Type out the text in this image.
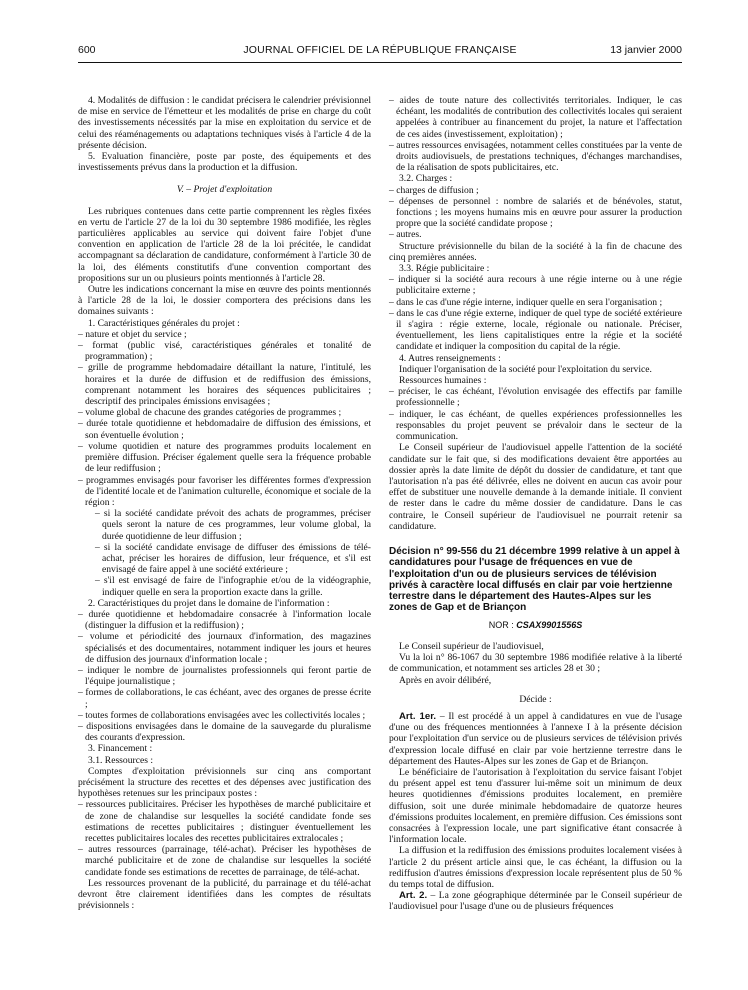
600	JOURNAL OFFICIEL DE LA RÉPUBLIQUE FRANÇAISE	13 janvier 2000

4. Modalités de diffusion : le candidat précisera le calendrier prévisionnel de mise en service de l'émetteur et les modalités de prise en charge du coût des investissements nécessités par la mise en exploitation du service et de celui des réaménagements ou adaptations techniques visés à l'article 4 de la présente décision.

5. Evaluation financière, poste par poste, des équipements et des investissements prévus dans la production et la diffusion.

V. – Projet d'exploitation

Les rubriques contenues dans cette partie comprennent les règles fixées en vertu de l'article 27 de la loi du 30 septembre 1986 modifiée, les règles particulières applicables au service qui doivent faire l'objet d'une convention en application de l'article 28 de la loi précitée, le candidat accompagnant sa déclaration de candidature, conformément à l'article 30 de la loi, des éléments constitutifs d'une convention comportant des propositions sur un ou plusieurs points mentionnés à l'article 28.

Outre les indications concernant la mise en œuvre des points mentionnés à l'article 28 de la loi, le dossier comportera des précisions dans les domaines suivants :

1. Caractéristiques générales du projet :

– nature et objet du service ;

– format (public visé, caractéristiques générales et tonalité de programmation) ;

– grille de programme hebdomadaire détaillant la nature, l'intitulé, les horaires et la durée de diffusion et de rediffusion des émissions, comprenant notamment les horaires des séquences publicitaires ; descriptif des principales émissions envisagées ;

– volume global de chacune des grandes catégories de programmes ;

– durée totale quotidienne et hebdomadaire de diffusion des émissions, et son éventuelle évolution ;

– volume quotidien et nature des programmes produits localement en première diffusion. Préciser également quelle sera la fréquence probable de leur rediffusion ;

– programmes envisagés pour favoriser les différentes formes d'expression de l'identité locale et de l'animation culturelle, économique et sociale de la région :

– si la société candidate prévoit des achats de programmes, préciser quels seront la nature de ces programmes, leur volume global, la durée quotidienne de leur diffusion ;

– si la société candidate envisage de diffuser des émissions de télé-achat, préciser les horaires de diffusion, leur fréquence, et s'il est envisagé de faire appel à une société extérieure ;

– s'il est envisagé de faire de l'infographie et/ou de la vidéographie, indiquer quelle en sera la proportion exacte dans la grille.

2. Caractéristiques du projet dans le domaine de l'information :

– durée quotidienne et hebdomadaire consacrée à l'information locale (distinguer la diffusion et la rediffusion) ;

– volume et périodicité des journaux d'information, des magazines spécialisés et des documentaires, notamment indiquer les jours et heures de diffusion des journaux d'information locale ;

– indiquer le nombre de journalistes professionnels qui feront partie de l'équipe journalistique ;

– formes de collaborations, le cas échéant, avec des organes de presse écrite ;

– toutes formes de collaborations envisagées avec les collectivités locales ;

– dispositions envisagées dans le domaine de la sauvegarde du pluralisme des courants d'expression.

3. Financement :

3.1. Ressources :

Comptes d'exploitation prévisionnels sur cinq ans comportant précisément la structure des recettes et des dépenses avec justification des hypothèses retenues sur les principaux postes :

– ressources publicitaires. Préciser les hypothèses de marché publicitaire et de zone de chalandise sur lesquelles la société candidate fonde ses estimations de recettes publicitaires ; distinguer éventuellement les recettes publicitaires locales des recettes publicitaires extralocales ;

– autres ressources (parrainage, télé-achat). Préciser les hypothèses de marché publicitaire et de zone de chalandise sur lesquelles la société candidate fonde ses estimations de recettes de parrainage, de télé-achat.

Les ressources provenant de la publicité, du parrainage et du télé-achat devront être clairement identifiées dans les comptes de résultats prévisionnels :

– aides de toute nature des collectivités territoriales. Indiquer, le cas échéant, les modalités de contribution des collectivités locales qui seraient appelées à contribuer au financement du projet, la nature et l'affectation de ces aides (investissement, exploitation) ;

– autres ressources envisagées, notamment celles constituées par la vente de droits audiovisuels, de prestations techniques, d'échanges marchandises, de la réalisation de spots publicitaires, etc.

3.2. Charges :

– charges de diffusion ;

– dépenses de personnel : nombre de salariés et de bénévoles, statut, fonctions ; les moyens humains mis en œuvre pour assurer la production propre que la société candidate propose ;

– autres.

Structure prévisionnelle du bilan de la société à la fin de chacune des cinq premières années.

3.3. Régie publicitaire :

– indiquer si la société aura recours à une régie interne ou à une régie publicitaire externe ;

– dans le cas d'une régie interne, indiquer quelle en sera l'organisation ;

– dans le cas d'une régie externe, indiquer de quel type de société extérieure il s'agira : régie externe, locale, régionale ou nationale. Préciser, éventuellement, les liens capitalistiques entre la régie et la société candidate et indiquer la composition du capital de la régie.

4. Autres renseignements :

Indiquer l'organisation de la société pour l'exploitation du service.

Ressources humaines :

– préciser, le cas échéant, l'évolution envisagée des effectifs par famille professionnelle ;

– indiquer, le cas échéant, de quelles expériences professionnelles les responsables du projet peuvent se prévaloir dans le secteur de la communication.

Le Conseil supérieur de l'audiovisuel appelle l'attention de la société candidate sur le fait que, si des modifications devaient être apportées au dossier après la date limite de dépôt du dossier de candidature, et tant que l'autorisation n'a pas été délivrée, elles ne doivent en aucun cas avoir pour effet de substituer une nouvelle demande à la demande initiale. Il convient de rester dans le cadre du même dossier de candidature. Dans le cas contraire, le Conseil supérieur de l'audiovisuel ne pourrait retenir sa candidature.

Décision n° 99-556 du 21 décembre 1999 relative à un appel à candidatures pour l'usage de fréquences en vue de l'exploitation d'un ou de plusieurs services de télévision privés à caractère local diffusés en clair par voie hertzienne terrestre dans le département des Hautes-Alpes sur les zones de Gap et de Briançon

NOR : CSAX9901556S

Le Conseil supérieur de l'audiovisuel,

Vu la loi n° 86-1067 du 30 septembre 1986 modifiée relative à la liberté de communication, et notamment ses articles 28 et 30 ;

Après en avoir délibéré,

Décide :

Art. 1er. – Il est procédé à un appel à candidatures en vue de l'usage d'une ou des fréquences mentionnées à l'annexe I à la présente décision pour l'exploitation d'un service ou de plusieurs services de télévision privés d'expression locale diffusé en clair par voie hertzienne terrestre dans le département des Hautes-Alpes sur les zones de Gap et de Briançon.

Le bénéficiaire de l'autorisation à l'exploitation du service faisant l'objet du présent appel est tenu d'assurer lui-même soit un minimum de deux heures quotidiennes d'émissions produites localement, en première diffusion, soit une durée minimale hebdomadaire de quatorze heures d'émissions produites localement, en première diffusion. Ces émissions sont consacrées à l'expression locale, une part significative étant consacrée à l'information locale.

La diffusion et la rediffusion des émissions produites localement visées à l'article 2 du présent article ainsi que, le cas échéant, la diffusion ou la rediffusion d'autres émissions d'expression locale représentent plus de 50 % du temps total de diffusion.

Art. 2. – La zone géographique déterminée par le Conseil supérieur de l'audiovisuel pour l'usage d'une ou de plusieurs fréquences
